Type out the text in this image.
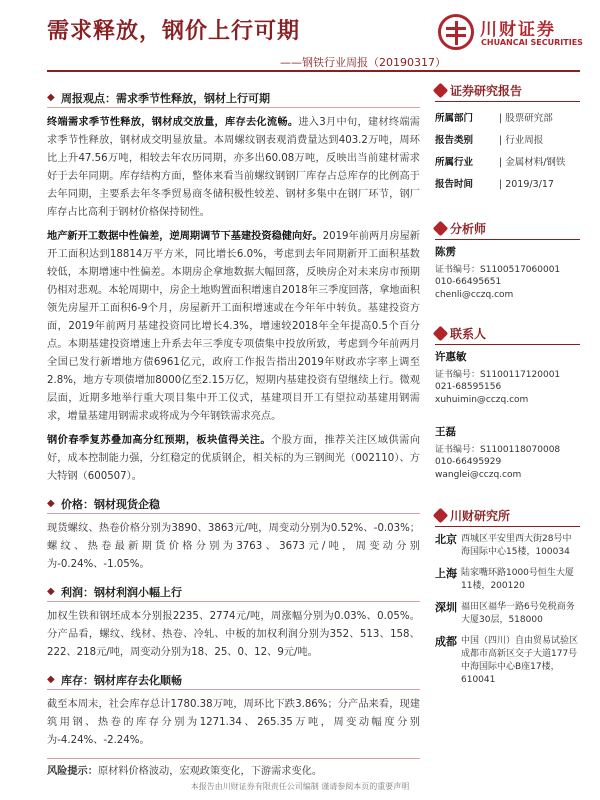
需求释放，钢价上行可期
——钢铁行业周报（20190317）
川财证券
CHUANCAI SECURITIES
◆ 周报观点：需求季节性释放，钢材上行可期

终端需求季节性释放，钢材成交放量，库存去化流畅。进入3月中旬，建材终端需求季节性释放，钢材成交明显放量。本周螺纹钢表观消费量达到403.2万吨，周环比上升47.56万吨，相较去年农历同期，亦多出60.08万吨，反映出当前建材需求好于去年同期。库存结构方面，整体来看当前螺纹钢钢厂库存占总库存的比例高于去年同期，主要系去年冬季贸易商冬储积极性较差、钢材多集中在钢厂环节，钢厂库存占比高利于钢材价格保持韧性。

地产新开工数据中性偏差，逆周期调节下基建投资稳健向好。2019年前两月房屋新开工面积达到18814万平方米，同比增长6.0%，考虑到去年同期新开工面积基数较低，本期增速中性偏差。本期房企拿地数据大幅回落，反映房企对未来房市预期仍相对悲观。本轮周期中，房企土地购置面积增速自2018年三季度回落，拿地面积领先房屋开工面积6-9个月，房屋新开工面积增速或在今年年中转负。基建投资方面，2019年前两月基建投资同比增长4.3%，增速较2018年全年提高0.5个百分点。本期基建投资增速上升系去年三季度专项债集中投放所致，考虑到今年前两月全国已发行新增地方债6961亿元，政府工作报告指出2019年财政赤字率上调至2.8%，地方专项债增加8000亿至2.15万亿，短期内基建投资有望继续上行。微观层面，近期多地举行重大项目集中开工仪式，基建项目开工有望拉动基建用钢需求，增量基建用钢需求或将成为今年钢铁需求亮点。

钢价春季复苏叠加高分红预期，板块值得关注。个股方面，推荐关注区域供需向好，成本控制能力强，分红稳定的优质钢企，相关标的为三钢闽光（002110）、方大特钢（600507）。

◆ 价格：钢材现货企稳

现货螺纹、热卷价格分别为3890、3863元/吨，周变动分别为0.52%、-0.03%；螺纹、热卷最新期货价格分别为3763、3673元/吨，周变动分别为-0.24%、-1.05%。

◆ 利润：钢材利润小幅上行

加权生铁和钢坯成本分别报2235、2774元/吨，周涨幅分别为0.03%、0.05%。分产品看，螺纹、线材、热卷、冷轧、中板的加权利润分别为352、513、158、222、218元/吨，周变动分别为18、25、0、12、9元/吨。

◆ 库存：钢材库存去化顺畅

截至本周末，社会库存总计1780.38万吨，周环比下跌3.86%；分产品来看，现建筑用钢、热卷的库存分别为1271.34、265.35万吨，周变动幅度分别为-4.24%、-2.24%。

风险提示：原材料价格波动，宏观政策变化，下游需求变化。

证券研究报告
所属部门	| 股票研究部
报告类别	| 行业周报
所属行业	| 金属材料/钢铁
报告时间	| 2019/3/17
分析师
陈雳
证书编号：S1100517060001
010-66495651
chenli@cczq.com
联系人
许惠敏
证书编号：S1100117120001
021-68595156
xuhuimin@cczq.com
王磊
证书编号：S1100118070008
010-66495929
wanglei@cczq.com
川财研究所
北京 西城区平安里西大街28号中海国际中心15楼，100034
上海 陆家嘴环路1000号恒生大厦11楼，200120
深圳 福田区福华一路6号免税商务大厦30层，518000
成都 中国（四川）自由贸易试验区成都市高新区交子大道177号中海国际中心B座17楼，610041
本报告由川财证券有限责任公司编制 谨请参阅本页的重要声明
